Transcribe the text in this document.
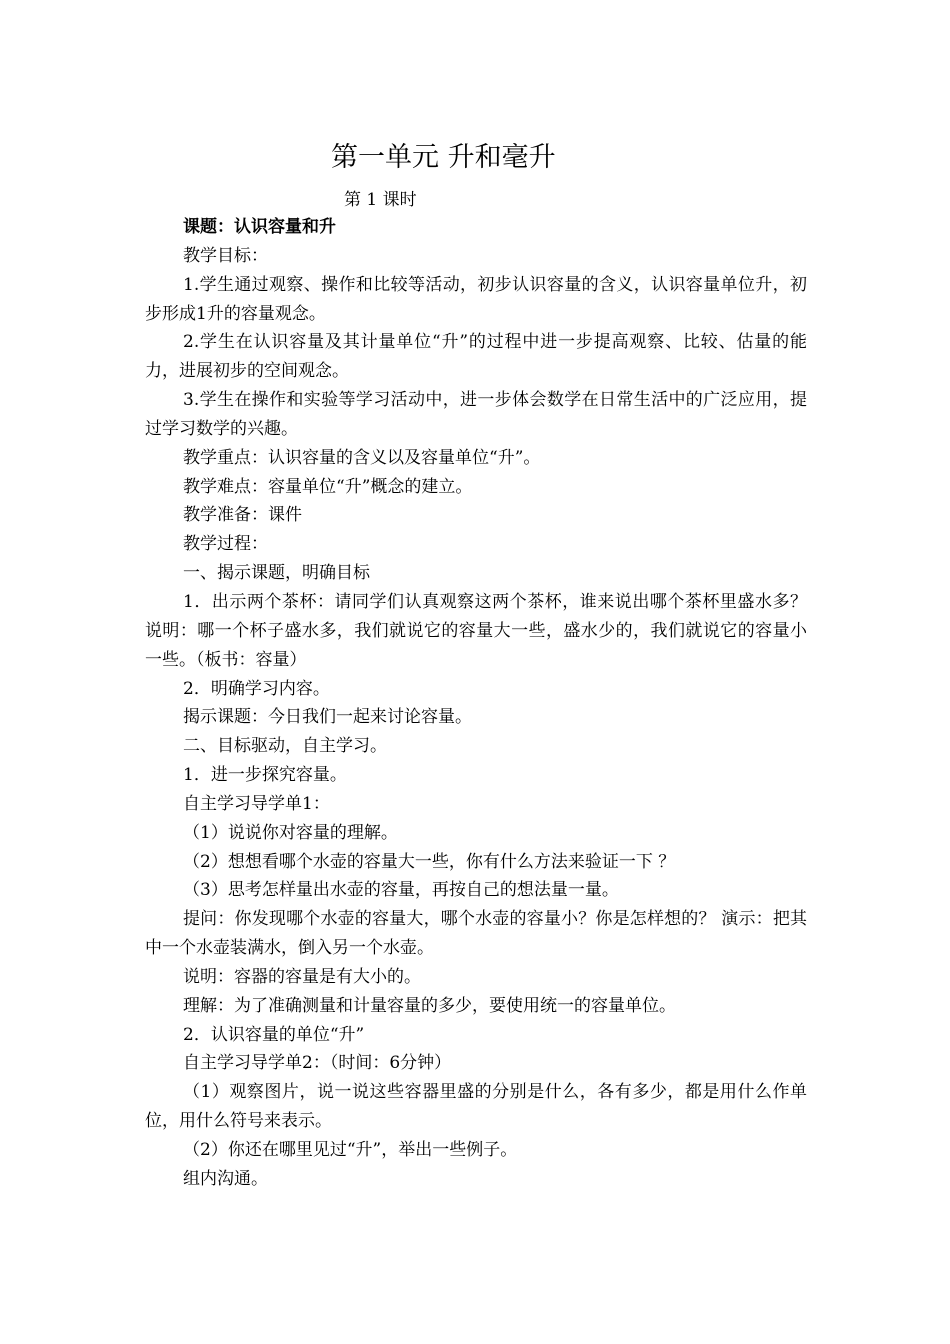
第一单元 升和毫升
第 1 课时

课题：认识容量和升

教学目标：

1.学生通过观察、操作和比较等活动，初步认识容量的含义，认识容量单位升，初步形成1升的容量观念。

2.学生在认识容量及其计量单位“升”的过程中进一步提高观察、比较、估量的能力，进展初步的空间观念。

3.学生在操作和实验等学习活动中，进一步体会数学在日常生活中的广泛应用，提过学习数学的兴趣。

教学重点：认识容量的含义以及容量单位“升”。

教学难点：容量单位“升”概念的建立。

教学准备：课件

教学过程：

一、揭示课题，明确目标

1．出示两个茶杯：请同学们认真观察这两个茶杯，谁来说出哪个茶杯里盛水多？ 说明：哪一个杯子盛水多，我们就说它的容量大一些，盛水少的，我们就说它的容量小一些。（板书：容量）

2．明确学习内容。

揭示课题：今日我们一起来讨论容量。

二、目标驱动，自主学习。

1．进一步探究容量。

自主学习导学单1：

（1）说说你对容量的理解。

（2）想想看哪个水壶的容量大一些，你有什么方法来验证一下 ？

（3）思考怎样量出水壶的容量，再按自己的想法量一量。

提问：你发现哪个水壶的容量大，哪个水壶的容量小？你是怎样想的？ 演示：把其中一个水壶装满水，倒入另一个水壶。

说明：容器的容量是有大小的。

理解：为了准确测量和计量容量的多少，要使用统一的容量单位。

2．认识容量的单位“升”

自主学习导学单2：（时间：6分钟）

（1）观察图片，说一说这些容器里盛的分别是什么，各有多少，都是用什么作单位，用什么符号来表示。

（2）你还在哪里见过“升”，举出一些例子。

组内沟通。
